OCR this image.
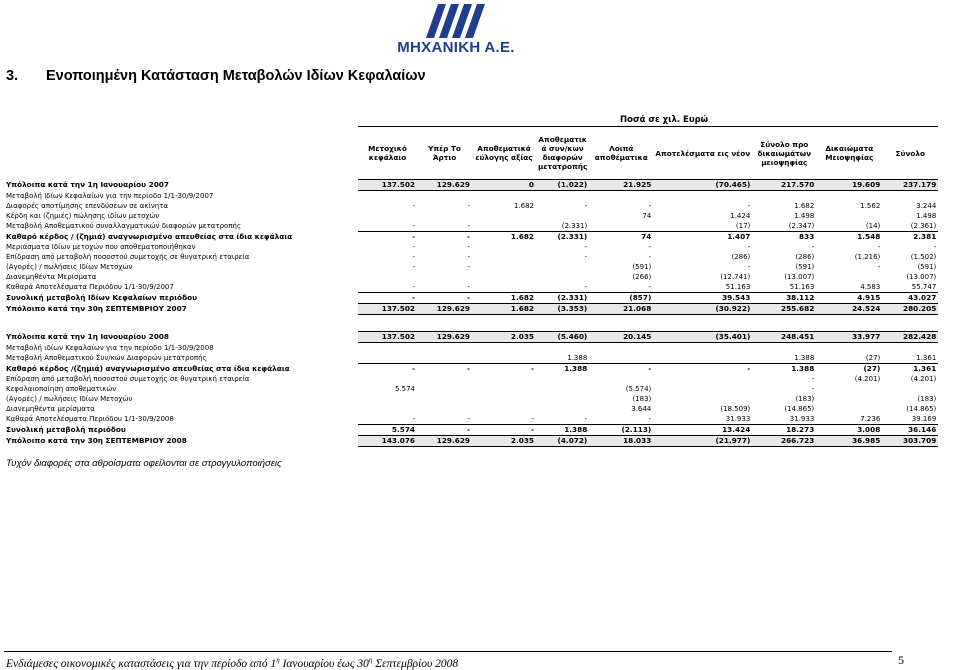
ΜΗΧΑΝΙΚΗ Α.Ε.
3. Ενοποιημένη Κατάσταση Μεταβολών Ιδίων Κεφαλαίων
Ποσά σε χιλ. Ευρώ
	Μετοχικό κεφάλαιο	Υπέρ Το Άρτιο	Αποθεματικά εύλογης αξίας	Αποθεματικ ά συν/κων διαφορών μετατροπής	Λοιπά αποθέματικα	Αποτελέσματα εις νέον	Σύνολο προ δικαιωμάτων μειοψηφίας	Δικαιώματα Μειοψηφίας	Σύνολο
Υπόλοιπα κατά την 1η Ιανουαρίου 2007	137.502	129.629	0	(1.022)	21.925	(70.465)	217.570	19.609	237.179
Μεταβολή Ιδίων Κεφαλαίων για την περίοδο 1/1-30/9/2007									
Διαφορές αποτίμησης επενδύσεων σε ακίνητα	-	-	1.682	-	-	-	1.682	1.562	3.244
Κέρδη και (ζημιές) πώλησης ιδίων μετοχών					74	1.424	1.498		1.498
Μεταβολή Αποθεματικού συναλλαγματικών διαφορών μετατροπής	-	-		(2.331)		(17)	(2.347)	(14)	(2.361)
Καθαρό κέρδος / (ζημιά) αναγνωρισμένο απευθείας στα ίδια κεφάλαια	-	-	1.682	(2.331)	74	1.407	833	1.548	2.381
Μεριάσματα Ιδίων μετοχών που αποθεματοποιήθηκαν	-	-		-	-	-	-	-	-
Επίδραση από μεταβολή ποσοστού συμετοχής σε θυγατρική εταιρεία	-	-		-	-	(286)	(286)	(1.216)	(1.502)
(Αγορές) / πωλήσεις Ιδίων Μετοχών	-	-			(591)	-	(591)	-	(591)
Διανεμηθέντα Μερίσματα					(266)	(12.741)	(13.007)		(13.007)
Καθαρά Αποτελέσματα Περιόδου 1/1-30/9/2007	-	-		-	-	51.163	51.163	4.583	55.747
Συνολική μεταβολή Ιδίων Κεφαλαίων περιόδου	-	-	1.682	(2.331)	(857)	39.543	38.112	4.915	43.027
Υπόλοιπο κατά την 30η ΣΕΠΤΕΜΒΡΙΟΥ 2007	137.502	129.629	1.682	(3.353)	21.068	(30.922)	255.682	24.524	280.205

Υπόλοιπα κατά την 1η Ιανουαρίου 2008	137.502	129.629	2.035	(5.460)	20.145	(35.401)	248.451	33.977	282.428
Μεταβολή ιδίων Κεφαλαίων για την περίοδο 1/1-30/9/2008									
Μεταβολή Αποθεματικού Συν/κών Διαφορών μετατροπής				1.388			1.388	(27)	1.361
Καθαρό κέρδος /(ζημιά) αναγνωρισμένο απευθείας στα ίδια κεφάλαια	-	-	-	1.388	-	-	1.388	(27)	1.361
Επίδραση από μεταβολή ποσοστού συμετοχής σε θυγατρική εταιρεία							-	(4.201)	(4.201)
Κεφαλαιοποίηση αποθεματικών	5.574				(5.574)		-		
(Αγορές) / πωλήσεις Ιδίων Μετοχών					(183)		(183)		(183)
Διανεμηθέντα μερίσματα					3.644	(18.509)	(14.865)		(14.865)
Καθαρά Αποτελέσματα Περιόδου 1/1-30/9/2008	-	-	-	-	-	31.933	31.933	7.236	39.169
Συνολική μεταβολή περιόδου	5.574	-	-	1.388	(2.113)	13.424	18.273	3.008	36.146
Υπόλοιπο κατά την 30η ΣΕΠΤΕΜΒΡΙΟΥ 2008	143.076	129.629	2.035	(4.072)	18.033	(21.977)	266.723	36.985	303.709
Τυχόν διαφορές στα αθροίσματα οφείλονται σε στρογγυλοποιήσεις
Ενδιάμεσες οικονομικές καταστάσεις για την περίοδο από $1^\eta$ Ιανουαρίου έως $30^\eta$ Σεπτεμβρίου 2008	5
